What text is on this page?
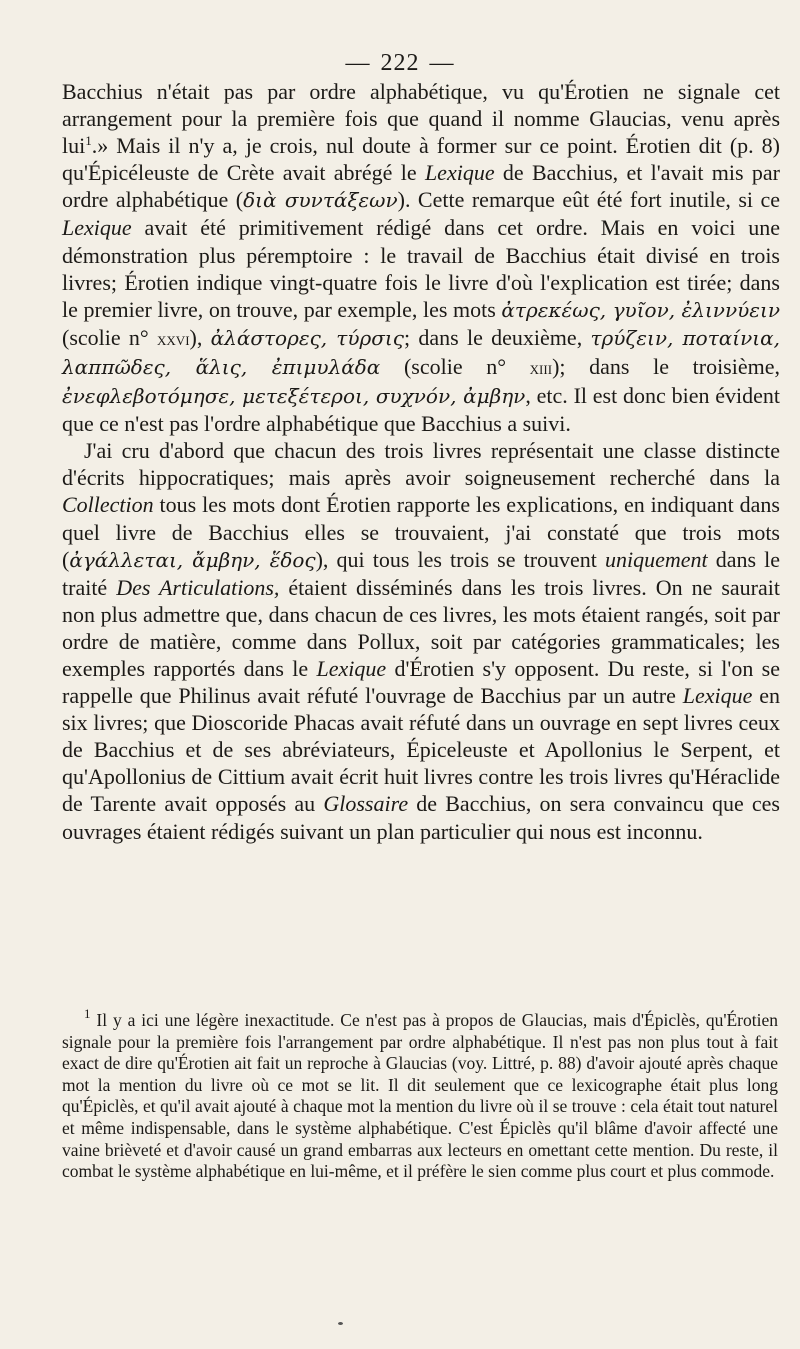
— 222 —

Bacchius n'était pas par ordre alphabétique, vu qu'Érotien ne signale cet arrangement pour la première fois que quand il nomme Glaucias, venu après lui$^1$.» Mais il n'y a, je crois, nul doute à former sur ce point. Érotien dit (p. 8) qu'Épicéleuste de Crète avait abrégé le Lexique de Bacchius, et l'avait mis par ordre alphabétique (διὰ συντάξεων). Cette remarque eût été fort inutile, si ce Lexique avait été primitivement rédigé dans cet ordre. Mais en voici une démonstration plus péremptoire : le travail de Bacchius était divisé en trois livres; Érotien indique vingt-quatre fois le livre d'où l'explication est tirée; dans le premier livre, on trouve, par exemple, les mots ἀτρεκέως, γυῖον, ἐλιννύειν (scolie n° xxvi), ἀλάστορες, τύρσις; dans le deuxième, τρύζειν, ποταίνια, λαππῶδες, ἅλις, ἐπιμυλάδα (scolie n° xiii); dans le troisième, ἐνεφλεβοτόμησε, μετεξέτεροι, συχνόν, ἀμβην, etc. Il est donc bien évident que ce n'est pas l'ordre alphabétique que Bacchius a suivi.

J'ai cru d'abord que chacun des trois livres représentait une classe distincte d'écrits hippocratiques; mais après avoir soigneusement recherché dans la Collection tous les mots dont Érotien rapporte les explications, en indiquant dans quel livre de Bacchius elles se trouvaient, j'ai constaté que trois mots (ἀγάλλεται, ἄμβην, ἕδος), qui tous les trois se trouvent uniquement dans le traité Des Articulations, étaient disséminés dans les trois livres. On ne saurait non plus admettre que, dans chacun de ces livres, les mots étaient rangés, soit par ordre de matière, comme dans Pollux, soit par catégories grammaticales; les exemples rapportés dans le Lexique d'Érotien s'y opposent. Du reste, si l'on se rappelle que Philinus avait réfuté l'ouvrage de Bacchius par un autre Lexique en six livres; que Dioscoride Phacas avait réfuté dans un ouvrage en sept livres ceux de Bacchius et de ses abréviateurs, Épiceleuste et Apollonius le Serpent, et qu'Apollonius de Cittium avait écrit huit livres contre les trois livres qu'Héraclide de Tarente avait opposés au Glossaire de Bacchius, on sera convaincu que ces ouvrages étaient rédigés suivant un plan particulier qui nous est inconnu.

$^1$ Il y a ici une légère inexactitude. Ce n'est pas à propos de Glaucias, mais d'Épiclès, qu'Érotien signale pour la première fois l'arrangement par ordre alphabétique. Il n'est pas non plus tout à fait exact de dire qu'Érotien ait fait un reproche à Glaucias (voy. Littré, p. 88) d'avoir ajouté après chaque mot la mention du livre où ce mot se lit. Il dit seulement que ce lexicographe était plus long qu'Épiclès, et qu'il avait ajouté à chaque mot la mention du livre où il se trouve : cela était tout naturel et même indispensable, dans le système alphabétique. C'est Épiclès qu'il blâme d'avoir affecté une vaine brièveté et d'avoir causé un grand embarras aux lecteurs en omettant cette mention. Du reste, il combat le système alphabétique en lui-même, et il préfère le sien comme plus court et plus commode.
